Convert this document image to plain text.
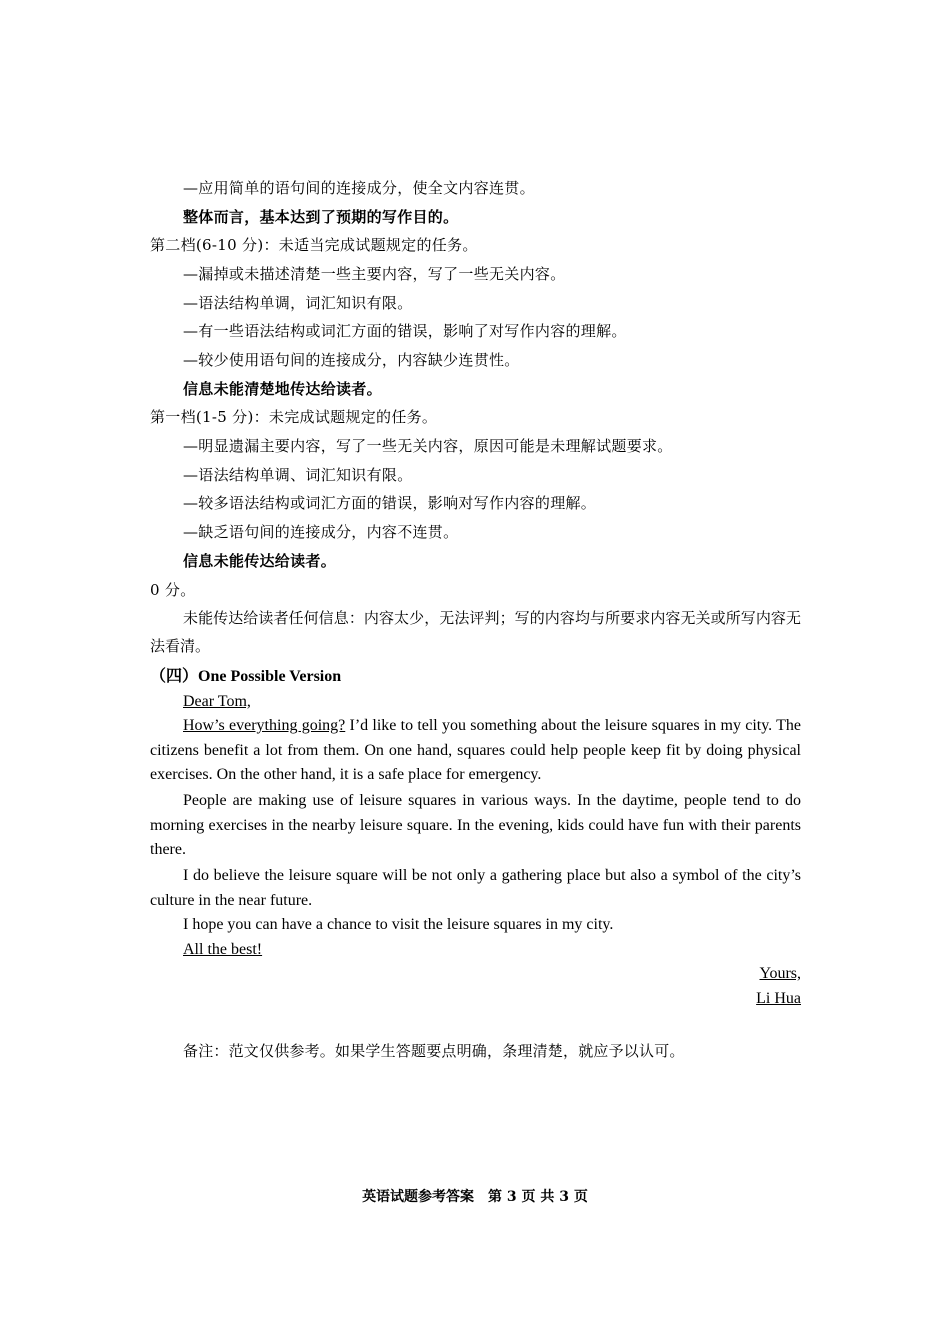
—应用简单的语句间的连接成分，使全文内容连贯。
整体而言，基本达到了预期的写作目的。
第二档(6-10 分)：未适当完成试题规定的任务。
—漏掉或未描述清楚一些主要内容，写了一些无关内容。
—语法结构单调，词汇知识有限。
—有一些语法结构或词汇方面的错误，影响了对写作内容的理解。
—较少使用语句间的连接成分，内容缺少连贯性。
信息未能清楚地传达给读者。
第一档(1-5 分)：未完成试题规定的任务。
—明显遗漏主要内容，写了一些无关内容，原因可能是未理解试题要求。
—语法结构单调、词汇知识有限。
—较多语法结构或词汇方面的错误，影响对写作内容的理解。
—缺乏语句间的连接成分，内容不连贯。
信息未能传达给读者。
0 分。
未能传达给读者任何信息：内容太少，无法评判；写的内容均与所要求内容无关或所写内容无法看清。
（四）One Possible Version
Dear Tom,
How’s everything going? I’d like to tell you something about the leisure squares in my city. The citizens benefit a lot from them. On one hand, squares could help people keep fit by doing physical exercises. On the other hand, it is a safe place for emergency.
People are making use of leisure squares in various ways. In the daytime, people tend to do morning exercises in the nearby leisure square. In the evening, kids could have fun with their parents there.
I do believe the leisure square will be not only a gathering place but also a symbol of the city’s culture in the near future.
I hope you can have a chance to visit the leisure squares in my city.
All the best!
Yours,
Li Hua
备注：范文仅供参考。如果学生答题要点明确，条理清楚，就应予以认可。
英语试题参考答案　第 3 页 共 3 页
